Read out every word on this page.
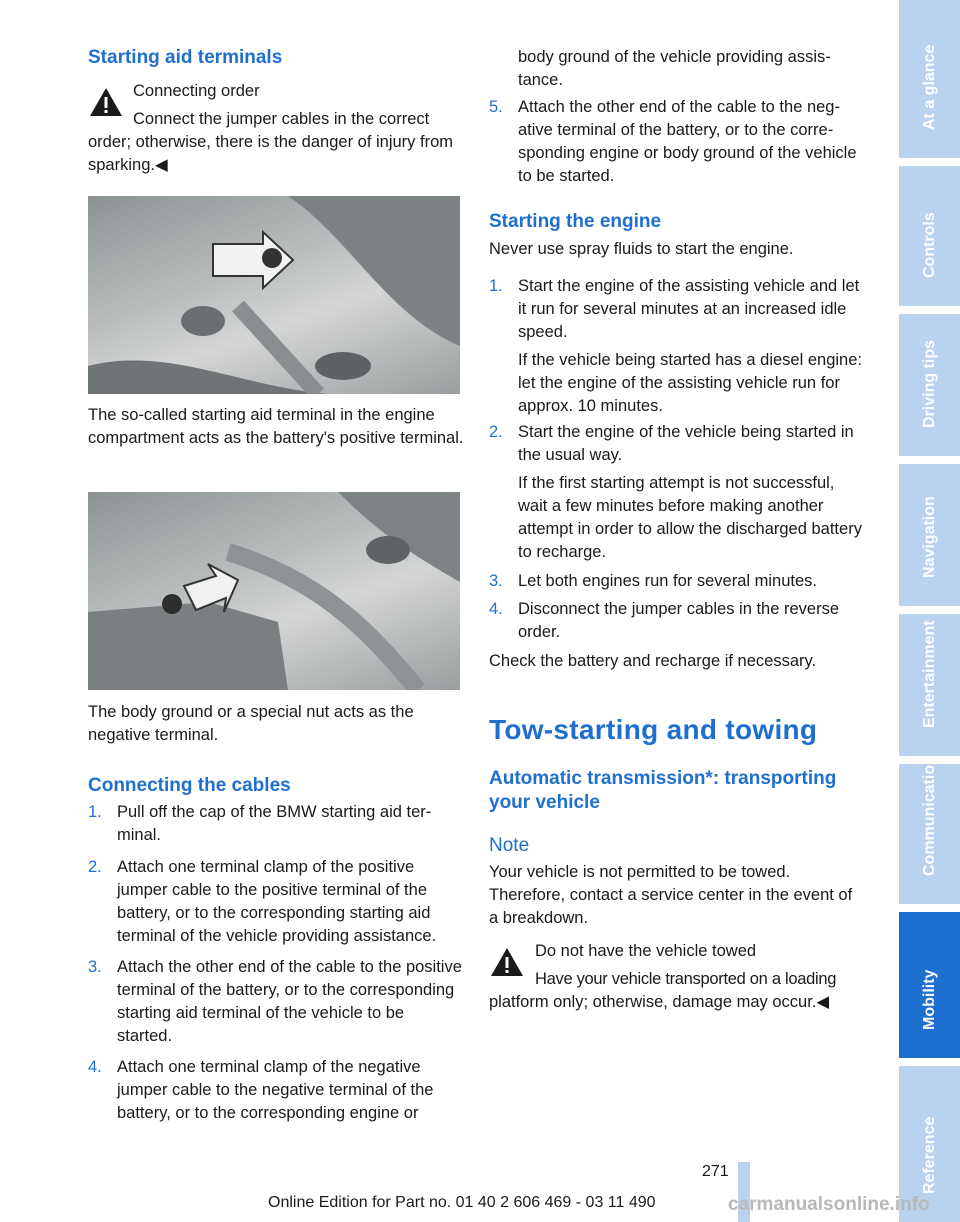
Starting aid terminals

Connecting order

Connect the jumper cables in the correct

order; otherwise, there is the danger of injury from sparking.◀

The so-called starting aid terminal in the engine compartment acts as the battery's positive terminal.

The body ground or a special nut acts as the negative terminal.

Connecting the cables
1. Pull off the cap of the BMW starting aid terminal.
2. Attach one terminal clamp of the positive jumper cable to the positive terminal of the battery, or to the corresponding starting aid terminal of the vehicle providing assistance.
3. Attach the other end of the cable to the positive terminal of the battery, or to the corresponding starting aid terminal of the vehicle to be started.
4. Attach one terminal clamp of the negative jumper cable to the negative terminal of the battery, or to the corresponding engine or

body ground of the vehicle providing assistance.

5. Attach the other end of the cable to the negative terminal of the battery, or to the corresponding engine or body ground of the vehicle to be started.
Starting the engine

Never use spray fluids to start the engine.

1. Start the engine of the assisting vehicle and let it run for several minutes at an increased idle speed.
If the vehicle being started has a diesel engine: let the engine of the assisting vehicle run for approx. 10 minutes.
2. Start the engine of the vehicle being started in the usual way.
If the first starting attempt is not successful, wait a few minutes before making another attempt in order to allow the discharged battery to recharge.
3. Let both engines run for several minutes.
4. Disconnect the jumper cables in the reverse order.

Check the battery and recharge if necessary.

Tow-starting and towing
Automatic transmission*: transporting your vehicle
Note

Your vehicle is not permitted to be towed. Therefore, contact a service center in the event of a breakdown.

Do not have the vehicle towed

Have your vehicle transported on a loading

platform only; otherwise, damage may occur.◀

At a glance
Controls
Driving tips
Navigation
Entertainment
Communication
Mobility
Reference
271
Online Edition for Part no. 01 40 2 606 469 - 03 11 490	carmanualsonline.info
